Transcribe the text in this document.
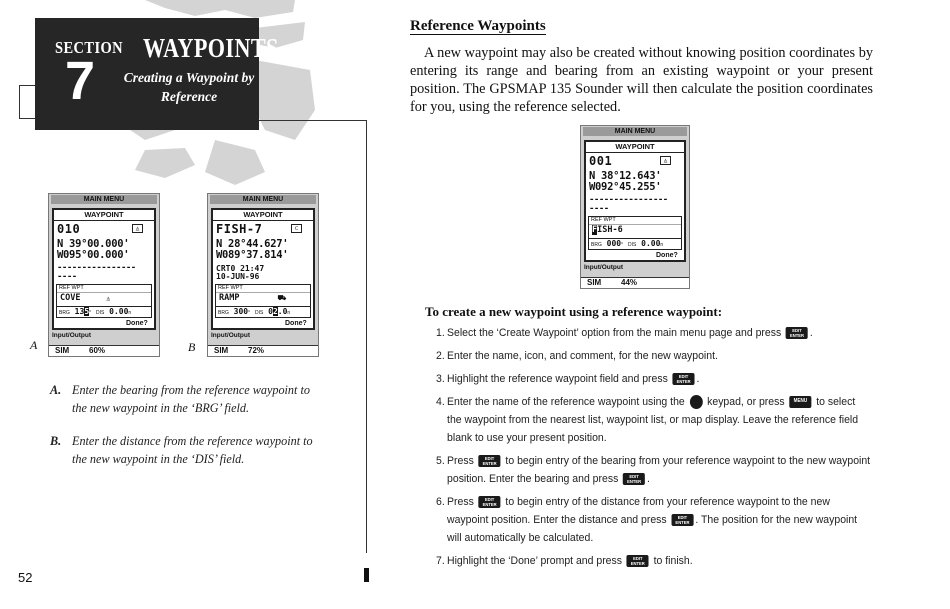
SECTION
7
WAYPOINTS
Creating a Waypoint by Reference
MAIN MENU
WAYPOINT
010	◬
N 39°00.000'
W095°00.000'
----------------
----
REF WPT
COVE	◬
BRG 135° DIS 0.00n
Done?
Input/Output
SIM 60%
A
MAIN MENU
WAYPOINT
FISH-7	⊂
N 28°44.627'
W089°37.814'
CRT0 21:47
10-JUN-96
REF WPT
RAMP	⛟
BRG 300° DIS 02.0n
Done?
Input/Output
SIM 72%
B
A. Enter the bearing from the reference waypoint to the new waypoint in the ‘BRG’ field.
B. Enter the distance from the reference waypoint to the new waypoint in the ‘DIS’ field.
52
Reference Waypoints
A new waypoint may also be created without knowing position coordinates by entering its range and bearing from an existing waypoint or your present position. The GPSMAP 135 Sounder will then calculate the position coordinates for you, using the reference selected.
MAIN MENU
WAYPOINT
001	◬
N 38°12.643'
W092°45.255'
----------------
----
REF WPT
FISH-6
BRG 000° DIS 0.00n
Done?
Input/Output
SIM 44%
To create a new waypoint using a reference waypoint:
1. Select the ‘Create Waypoint’ option from the main menu page and press EDIT ENTER .
2. Enter the name, icon, and comment, for the new waypoint.
3. Highlight the reference waypoint field and press EDIT ENTER .
4. Enter the name of the reference waypoint using the keypad, or press MENU to select the waypoint from the nearest list, waypoint list, or map display. Leave the reference field blank to use your present position.
5. Press EDIT ENTER to begin entry of the bearing from your reference waypoint to the new waypoint position. Enter the bearing and press EDIT ENTER .
6. Press EDIT ENTER to begin entry of the distance from your reference waypoint to the new waypoint position. Enter the distance and press EDIT ENTER . The position for the new waypoint will automatically be calculated.
7. Highlight the ‘Done’ prompt and press EDIT ENTER to finish.
